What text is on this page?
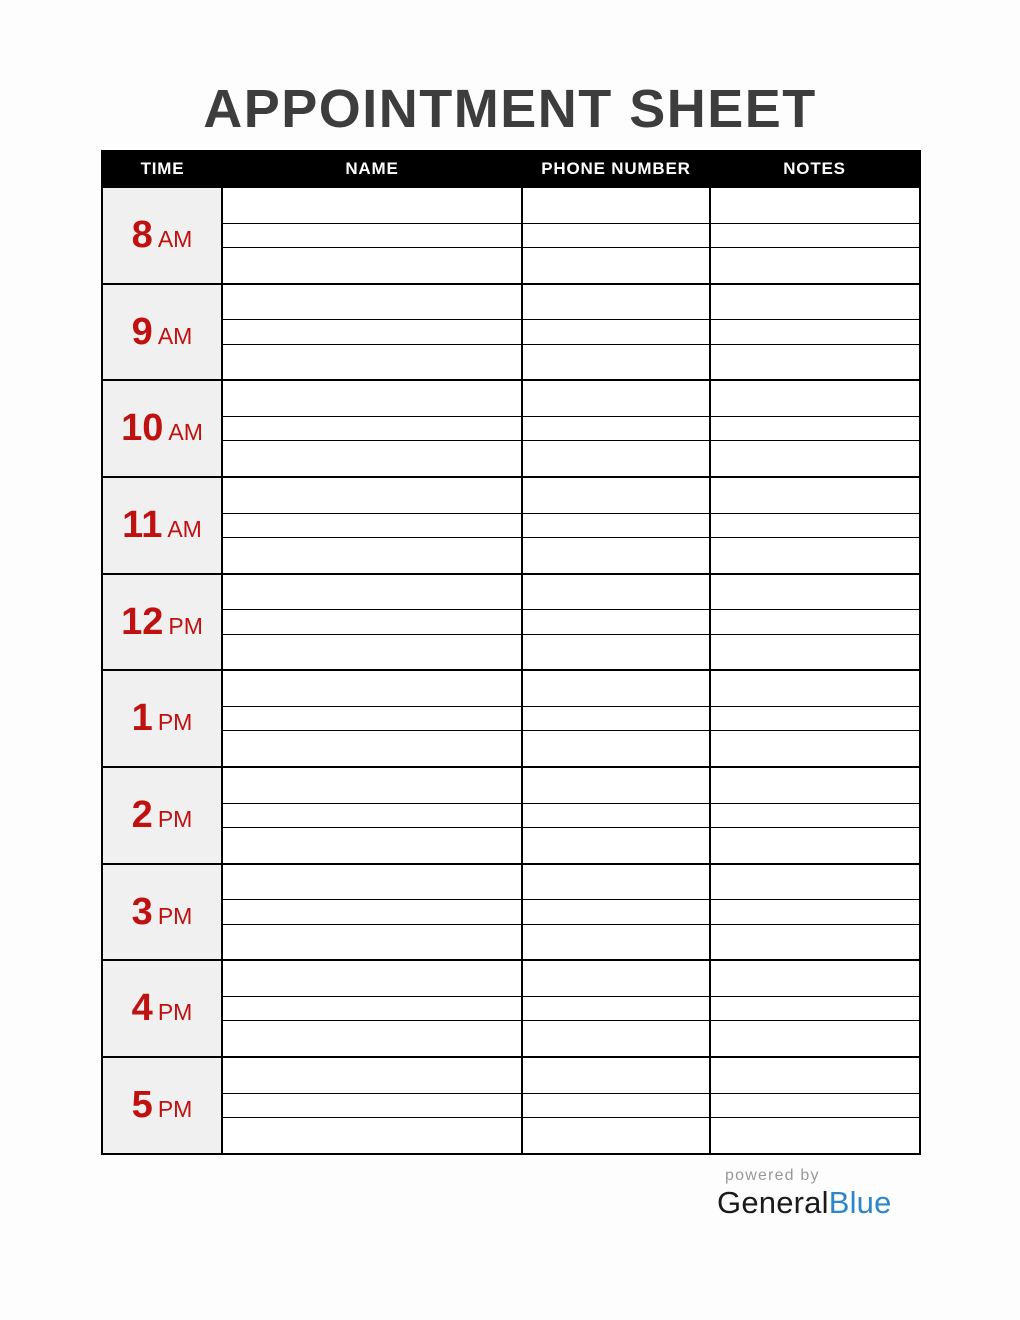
APPOINTMENT SHEET
TIME	NAME	PHONE NUMBER	NOTES
8 AM			

9 AM			

10 AM			

11 AM			

12 PM			

1 PM			

2 PM			

3 PM			

4 PM			

5 PM			

powered by
GeneralBlue
